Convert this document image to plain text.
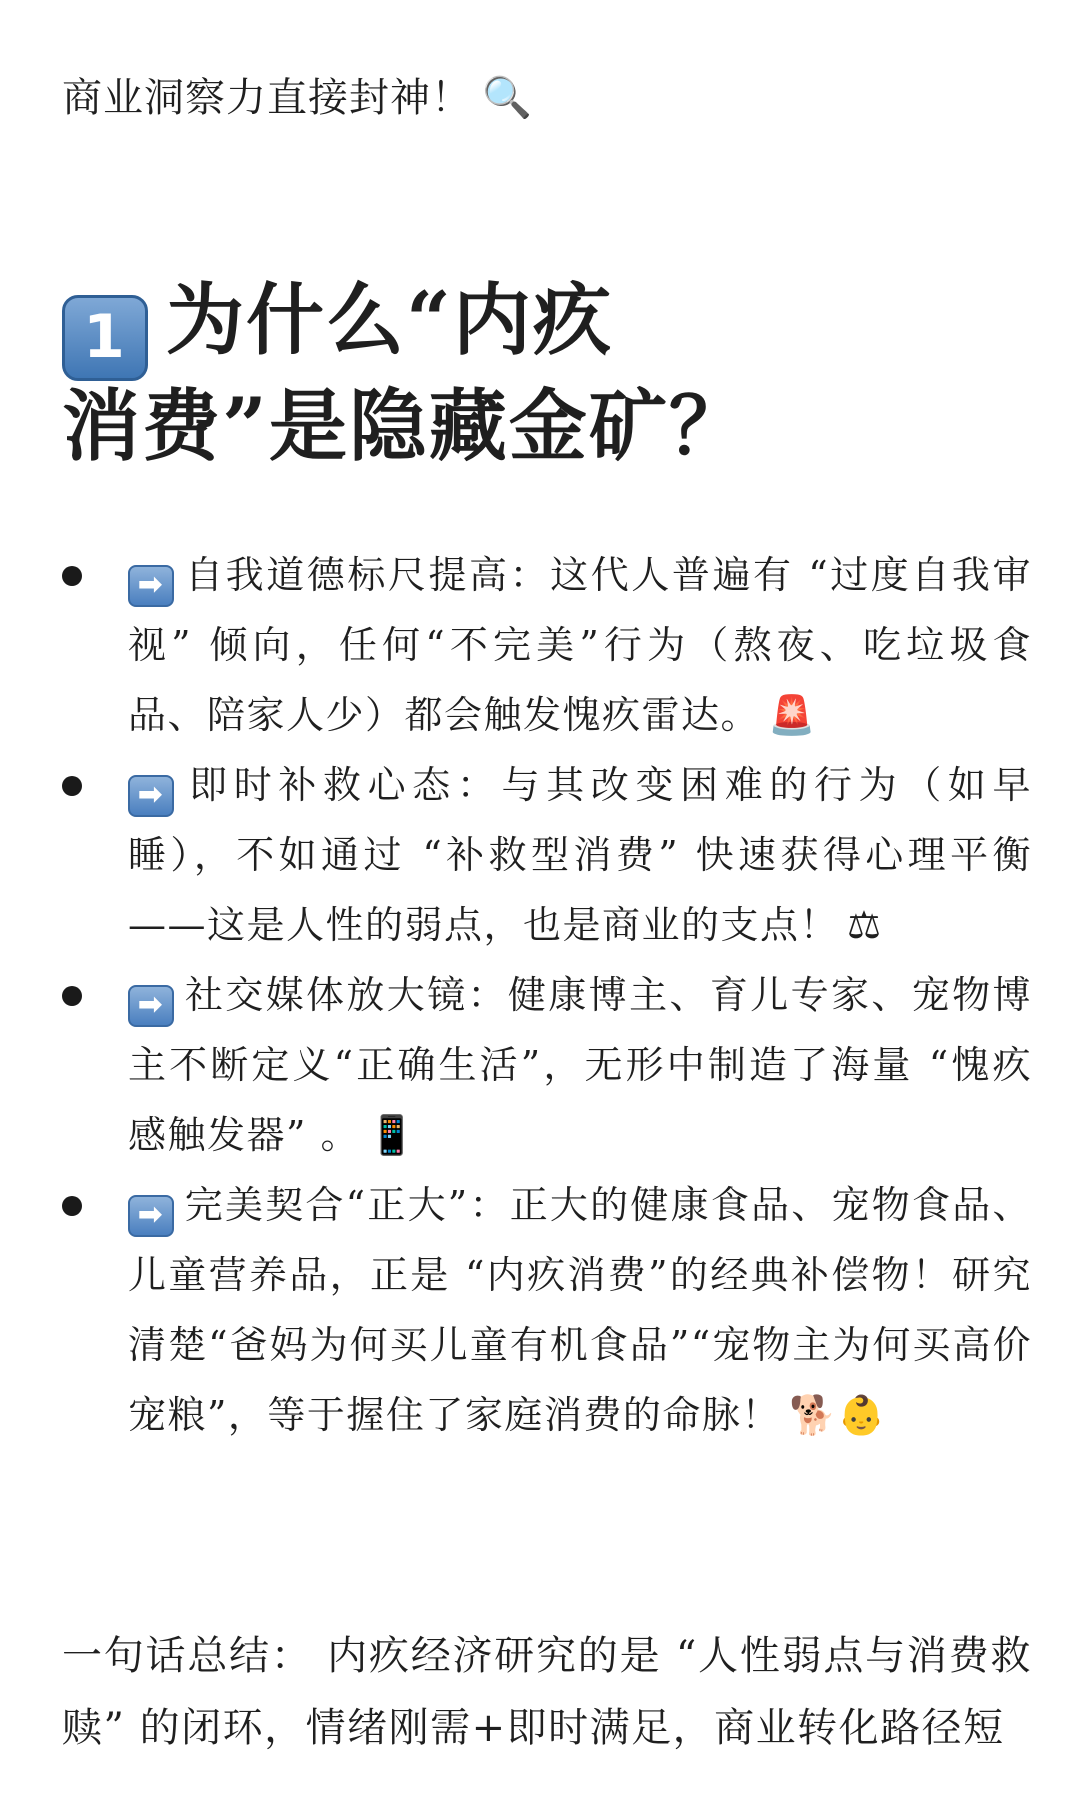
商业洞察力直接封神！ 🔍
1 为什么“内疚
消费”是隐藏金矿？
➡ 自我道德标尺提高：这代人普遍有 “过度自我审视” 倾向，任何“不完美”行为（熬夜、吃垃圾食品、陪家人少）都会触发愧疚雷达。 🚨
➡ 即时补救心态：与其改变困难的行为（如早睡），不如通过 “补救型消费” 快速获得心理平衡——这是人性的弱点，也是商业的支点！ ⚖
➡ 社交媒体放大镜：健康博主、育儿专家、宠物博主不断定义“正确生活”，无形中制造了海量 “愧疚感触发器” 。 📱
➡ 完美契合“正大”：正大的健康食品、宠物食品、儿童营养品，正是 “内疚消费”的经典补偿物！研究清楚“爸妈为何买儿童有机食品”“宠物主为何买高价宠粮”，等于握住了家庭消费的命脉！ 🐕👶
一句话总结： 内疚经济研究的是 “人性弱点与消费救赎” 的闭环，情绪刚需+即时满足，商业转化路径短
